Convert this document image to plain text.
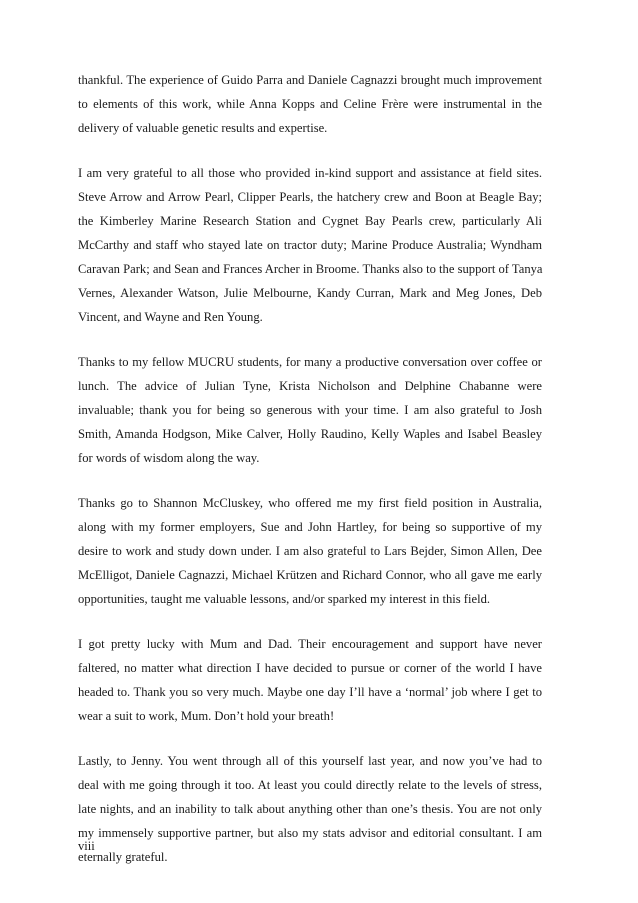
thankful. The experience of Guido Parra and Daniele Cagnazzi brought much improvement
to elements of this work, while Anna Kopps and Celine Frère were instrumental in the
delivery of valuable genetic results and expertise.
I am very grateful to all those who provided in-kind support and assistance at field sites.
Steve Arrow and Arrow Pearl, Clipper Pearls, the hatchery crew and Boon at Beagle Bay;
the Kimberley Marine Research Station and Cygnet Bay Pearls crew, particularly Ali
McCarthy and staff who stayed late on tractor duty; Marine Produce Australia; Wyndham
Caravan Park; and Sean and Frances Archer in Broome. Thanks also to the support of Tanya
Vernes, Alexander Watson, Julie Melbourne, Kandy Curran, Mark and Meg Jones, Deb
Vincent, and Wayne and Ren Young.
Thanks to my fellow MUCRU students, for many a productive conversation over coffee or
lunch. The advice of Julian Tyne, Krista Nicholson and Delphine Chabanne were
invaluable; thank you for being so generous with your time. I am also grateful to Josh
Smith, Amanda Hodgson, Mike Calver, Holly Raudino, Kelly Waples and Isabel Beasley
for words of wisdom along the way.
Thanks go to Shannon McCluskey, who offered me my first field position in Australia,
along with my former employers, Sue and John Hartley, for being so supportive of my
desire to work and study down under. I am also grateful to Lars Bejder, Simon Allen, Dee
McElligot, Daniele Cagnazzi, Michael Krützen and Richard Connor, who all gave me early
opportunities, taught me valuable lessons, and/or sparked my interest in this field.
I got pretty lucky with Mum and Dad. Their encouragement and support have never
faltered, no matter what direction I have decided to pursue or corner of the world I have
headed to. Thank you so very much. Maybe one day I’ll have a ‘normal’ job where I get to
wear a suit to work, Mum. Don’t hold your breath!
Lastly, to Jenny. You went through all of this yourself last year, and now you’ve had to
deal with me going through it too. At least you could directly relate to the levels of stress,
late nights, and an inability to talk about anything other than one’s thesis. You are not only
my immensely supportive partner, but also my stats advisor and editorial consultant. I am
eternally grateful.
viii
